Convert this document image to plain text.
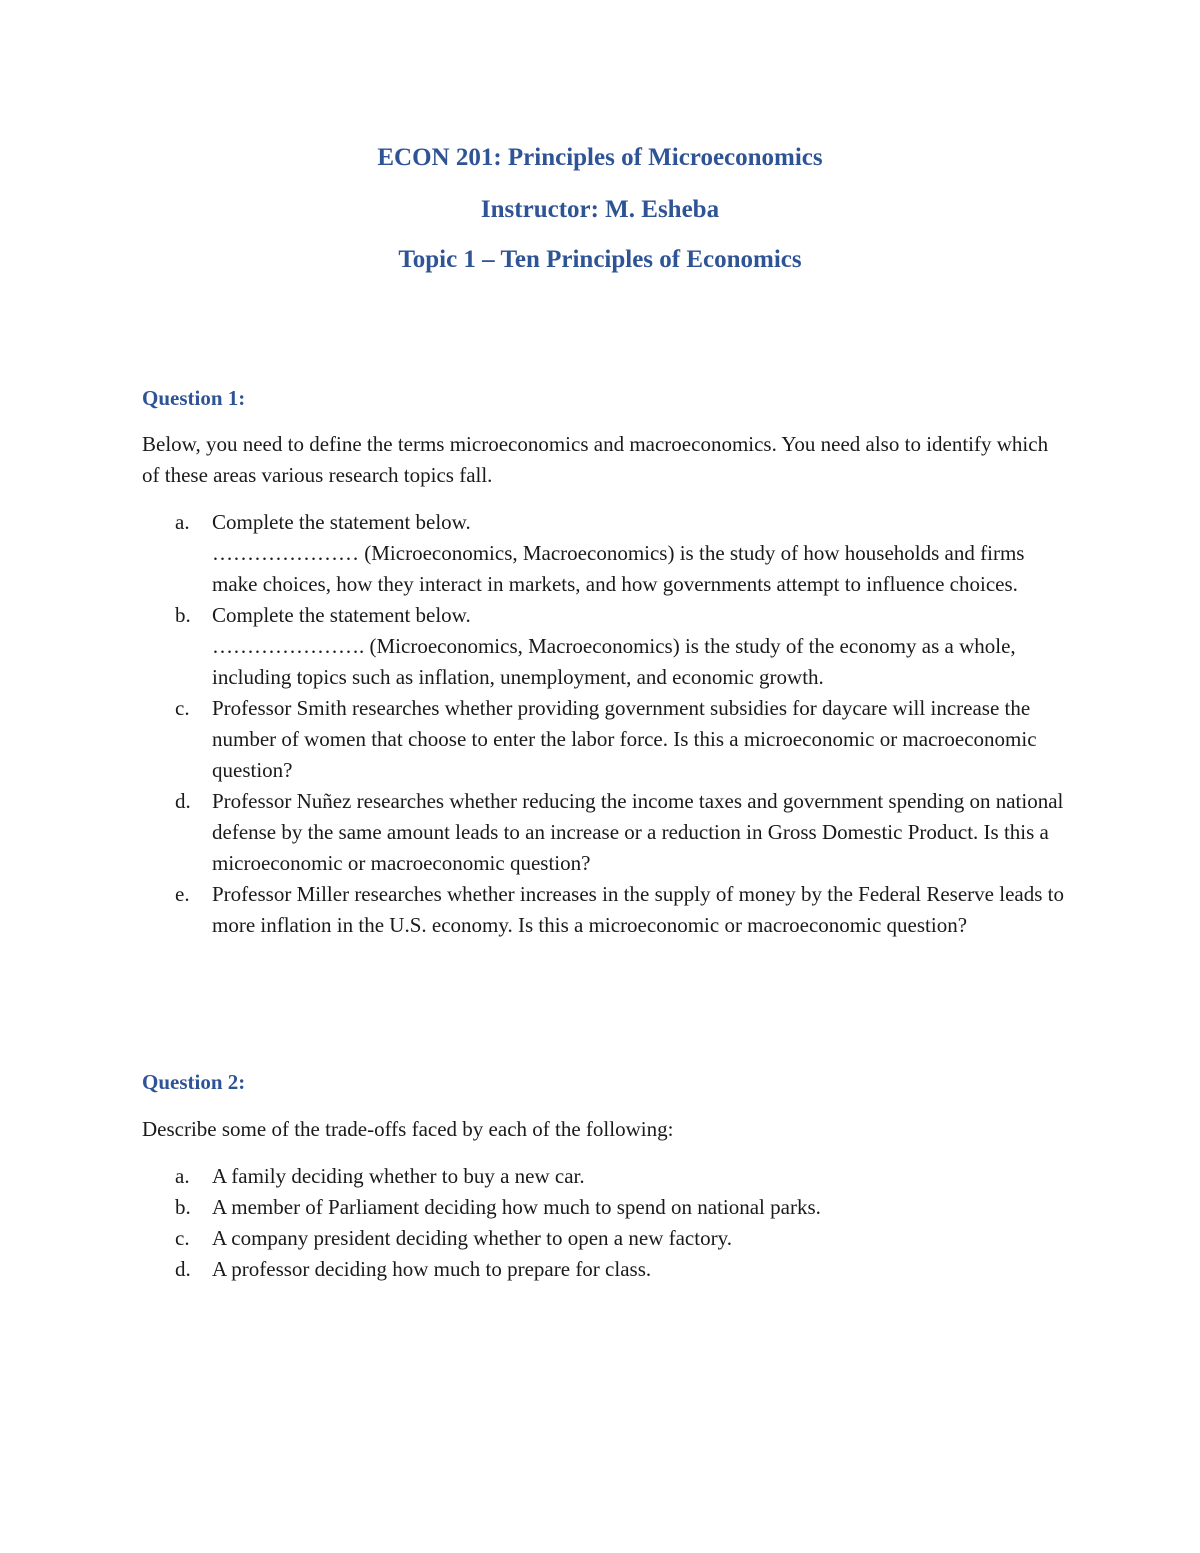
ECON 201: Principles of Microeconomics

Instructor: M. Esheba

Topic 1 – Ten Principles of Economics

Question 1:

Below, you need to define the terms microeconomics and macroeconomics. You need also to identify which of these areas various research topics fall.

a. Complete the statement below.
………………… (Microeconomics, Macroeconomics) is the study of how households and firms make choices, how they interact in markets, and how governments attempt to influence choices.
b. Complete the statement below.
…………………. (Microeconomics, Macroeconomics) is the study of the economy as a whole, including topics such as inflation, unemployment, and economic growth.
c. Professor Smith researches whether providing government subsidies for daycare will increase the number of women that choose to enter the labor force. Is this a microeconomic or macroeconomic question?
d. Professor Nuñez researches whether reducing the income taxes and government spending on national defense by the same amount leads to an increase or a reduction in Gross Domestic Product. Is this a microeconomic or macroeconomic question?
e. Professor Miller researches whether increases in the supply of money by the Federal Reserve leads to more inflation in the U.S. economy. Is this a microeconomic or macroeconomic question?

Question 2:

Describe some of the trade-offs faced by each of the following:

a. A family deciding whether to buy a new car.
b. A member of Parliament deciding how much to spend on national parks.
c. A company president deciding whether to open a new factory.
d. A professor deciding how much to prepare for class.
